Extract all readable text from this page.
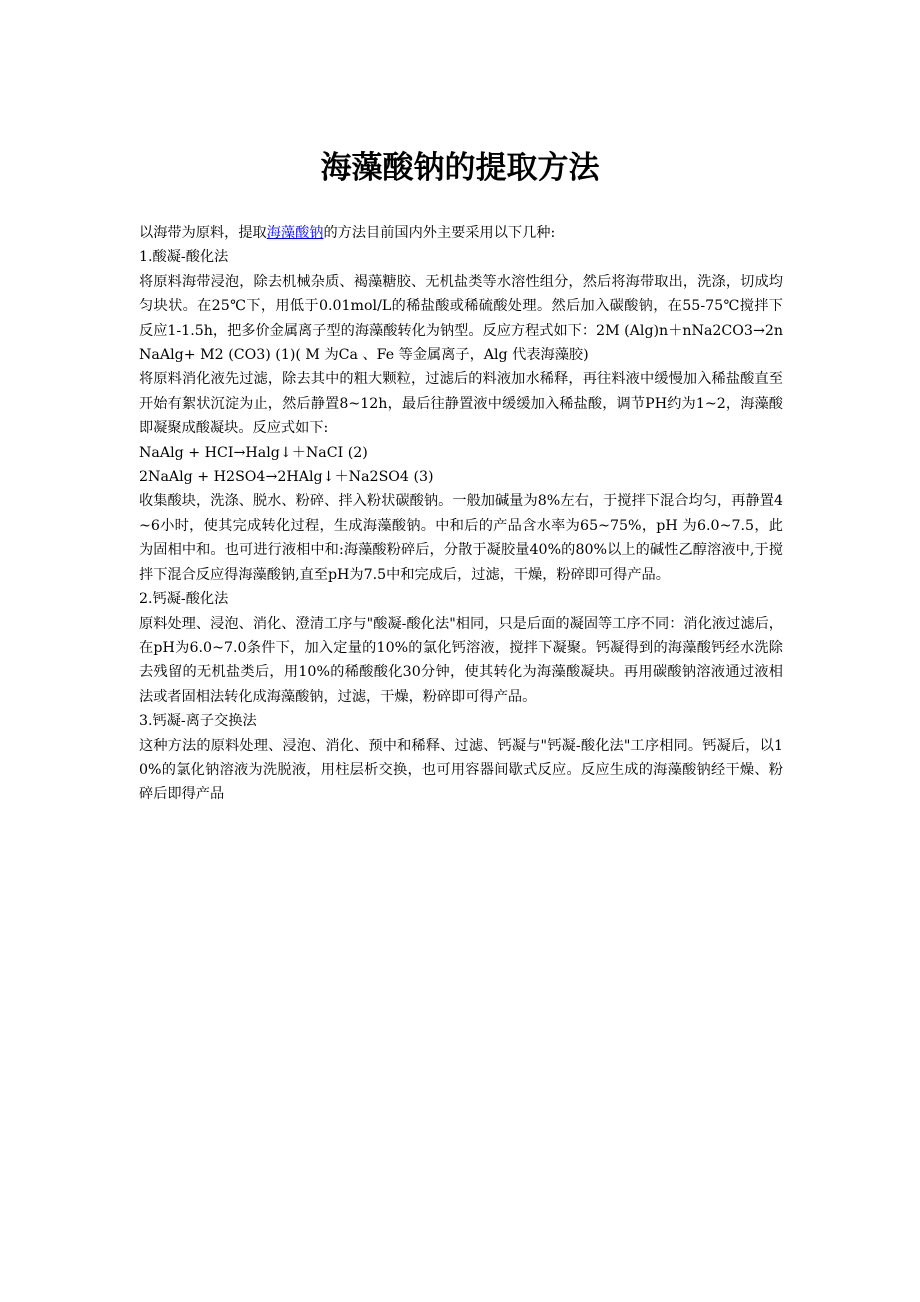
海藻酸钠的提取方法

以海带为原料，提取海藻酸钠的方法目前国内外主要采用以下几种:

1.酸凝-酸化法

将原料海带浸泡，除去机械杂质、褐藻糖胶、无机盐类等水溶性组分，然后将海带取出，洗涤，切成均匀块状。在25℃下，用低于0.01mol/L的稀盐酸或稀硫酸处理。然后加入碳酸钠，在55-75℃搅拌下反应1-1.5h，把多价金属离子型的海藻酸转化为钠型。反应方程式如下：2M (Alg)n＋nNa2CO3→2nNaAlg+ M2 (CO3) (1)( M 为Ca 、Fe 等金属离子，Alg 代表海藻胶)

将原料消化液先过滤，除去其中的粗大颗粒，过滤后的料液加水稀释，再往料液中缓慢加入稀盐酸直至开始有絮状沉淀为止，然后静置8~12h，最后往静置液中缓缓加入稀盐酸，调节PH约为1~2，海藻酸即凝聚成酸凝块。反应式如下:

NaAlg + HCI→Halg↓＋NaCI (2)

2NaAlg + H2SO4→2HAlg↓＋Na2SO4 (3)

收集酸块，洗涤、脱水、粉碎、拌入粉状碳酸钠。一般加碱量为8%左右，于搅拌下混合均匀，再静置4~6小时，使其完成转化过程，生成海藻酸钠。中和后的产品含水率为65~75%，pH 为6.0~7.5，此为固相中和。也可进行液相中和:海藻酸粉碎后，分散于凝胶量40%的80%以上的碱性乙醇溶液中,于搅拌下混合反应得海藻酸钠,直至pH为7.5中和完成后，过滤，干燥，粉碎即可得产品。

2.钙凝-酸化法

原料处理、浸泡、消化、澄清工序与"酸凝-酸化法"相同，只是后面的凝固等工序不同：消化液过滤后，在pH为6.0~7.0条件下，加入定量的10%的氯化钙溶液，搅拌下凝聚。钙凝得到的海藻酸钙经水洗除去残留的无机盐类后，用10%的稀酸酸化30分钟，使其转化为海藻酸凝块。再用碳酸钠溶液通过液相法或者固相法转化成海藻酸钠，过滤，干燥，粉碎即可得产品。

3.钙凝-离子交换法

这种方法的原料处理、浸泡、消化、预中和稀释、过滤、钙凝与"钙凝-酸化法"工序相同。钙凝后，以10%的氯化钠溶液为洗脱液，用柱层析交换，也可用容器间歇式反应。反应生成的海藻酸钠经干燥、粉碎后即得产品
